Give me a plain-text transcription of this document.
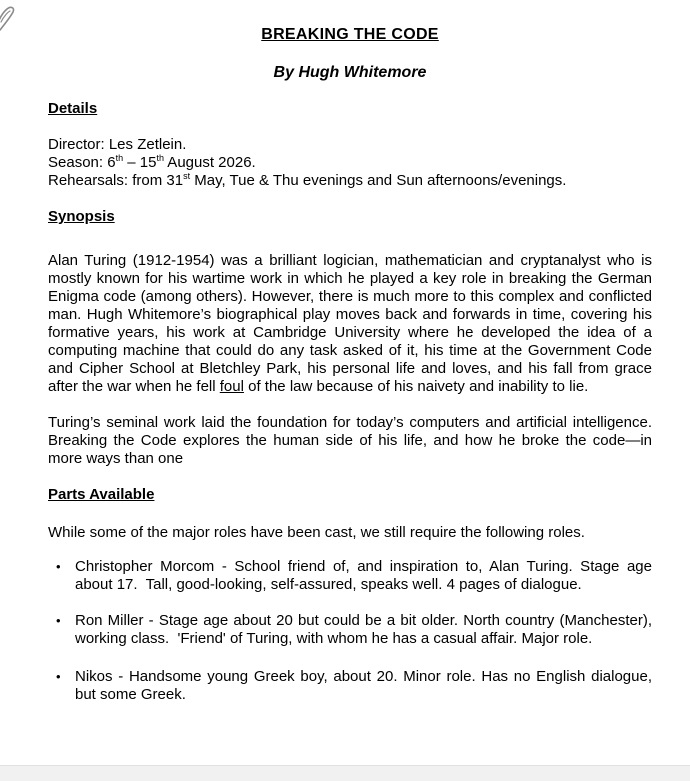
BREAKING THE CODE

By Hugh Whitemore

Details

Director: Les Zetlein.

Season: 6th – 15th August 2026.

Rehearsals: from 31st May, Tue & Thu evenings and Sun afternoons/evenings.

Synopsis

Alan Turing (1912-1954) was a brilliant logician, mathematician and cryptanalyst who is mostly known for his wartime work in which he played a key role in breaking the German Enigma code (among others). However, there is much more to this complex and conflicted man. Hugh Whitemore’s biographical play moves back and forwards in time, covering his formative years, his work at Cambridge University where he developed the idea of a computing machine that could do any task asked of it, his time at the Government Code and Cipher School at Bletchley Park, his personal life and loves, and his fall from grace after the war when he fell foul of the law because of his naivety and inability to lie.

Turing’s seminal work laid the foundation for today’s computers and artificial intelligence. Breaking the Code explores the human side of his life, and how he broke the code—in more ways than one

Parts Available

While some of the major roles have been cast, we still require the following roles.

• Christopher Morcom - School friend of, and inspiration to, Alan Turing. Stage age about 17.  Tall, good-looking, self-assured, speaks well. 4 pages of dialogue.
• Ron Miller - Stage age about 20 but could be a bit older. North country (Manchester), working class.  'Friend' of Turing, with whom he has a casual affair. Major role.
• Nikos - Handsome young Greek boy, about 20. Minor role. Has no English dialogue, but some Greek.
